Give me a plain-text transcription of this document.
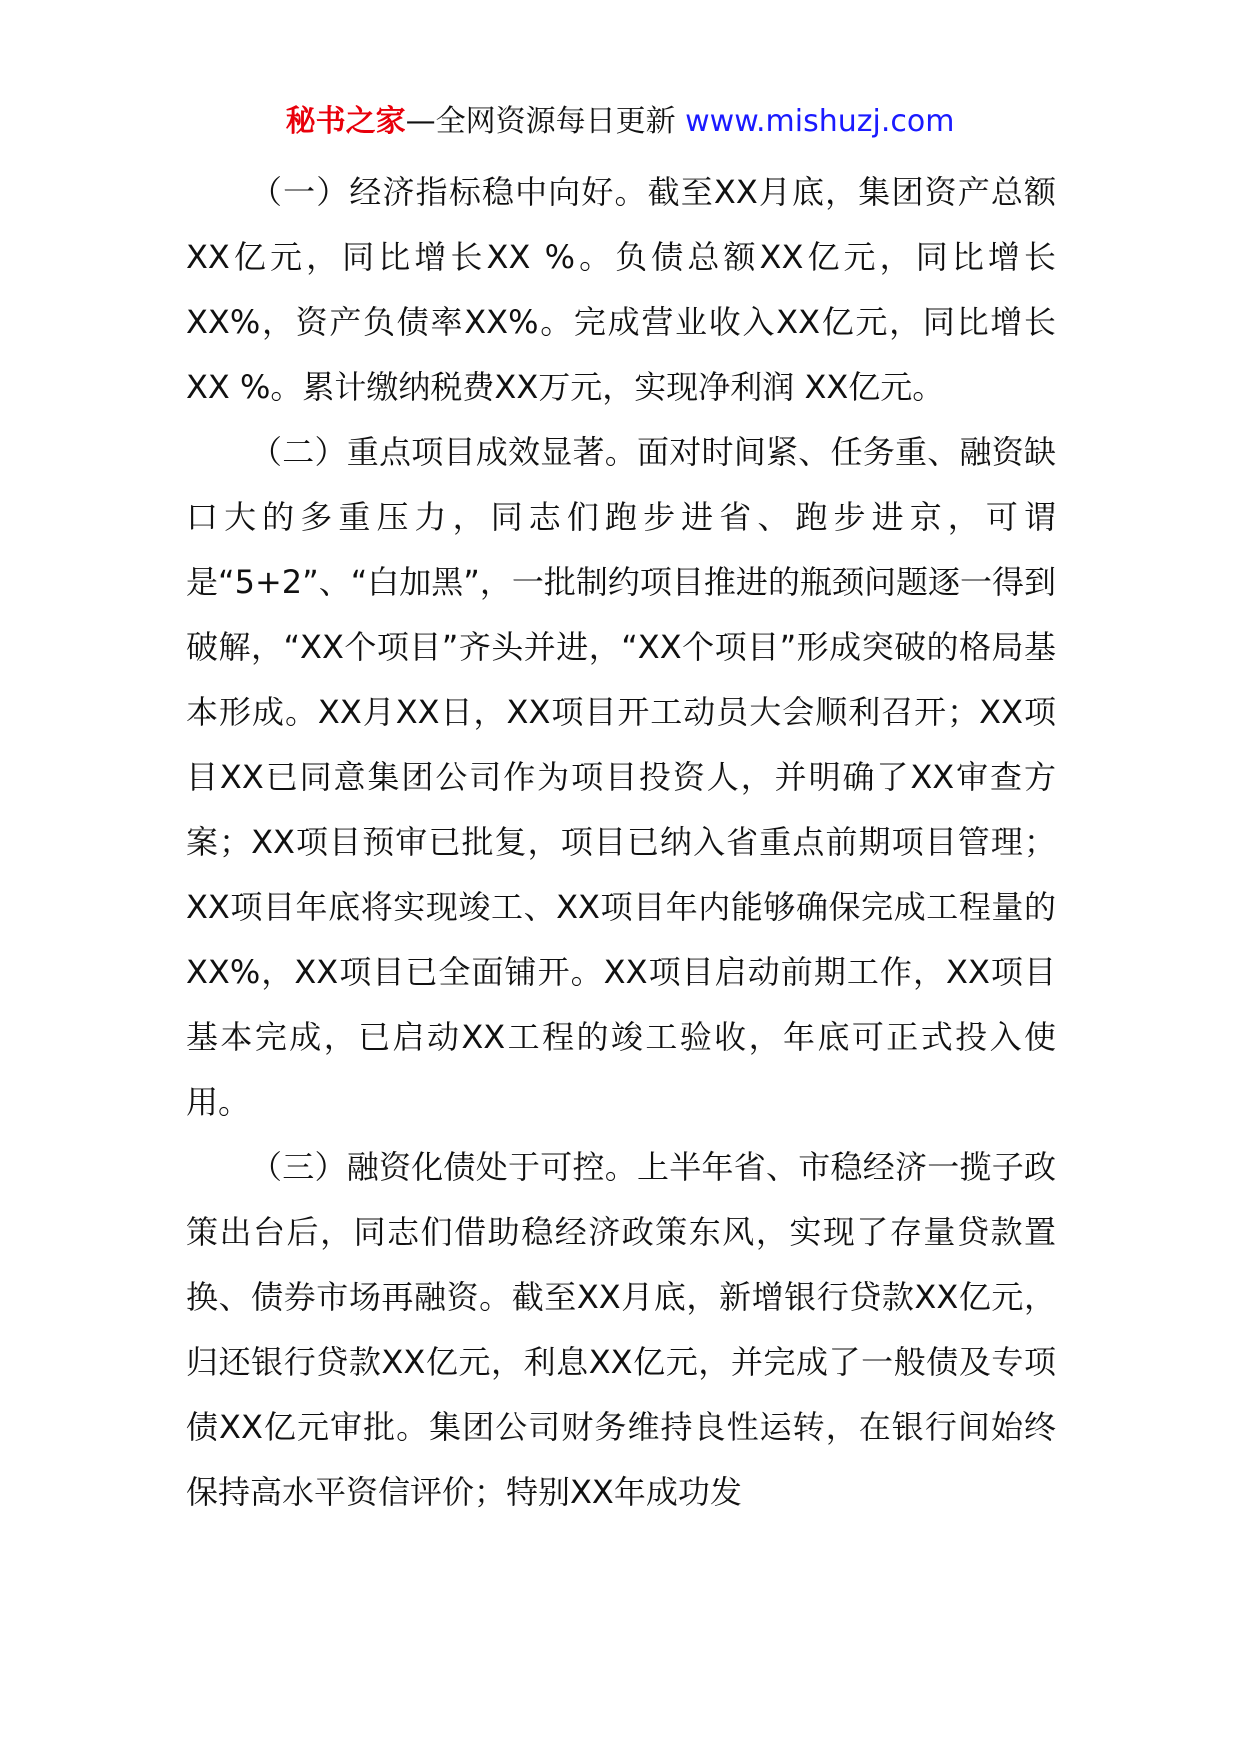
秘书之家—全网资源每日更新 www.mishuzj.com

（一）经济指标稳中向好。截至XX月底，集团资产总额XX亿元，同比增长XX %。负债总额XX亿元，同比增长XX%，资产负债率XX%。完成营业收入XX亿元，同比增长XX %。累计缴纳税费XX万元，实现净利润 XX亿元。

（二）重点项目成效显著。面对时间紧、任务重、融资缺口大的多重压力，同志们跑步进省、跑步进京，可谓是“5+2”、“白加黑”，一批制约项目推进的瓶颈问题逐一得到破解，“XX个项目”齐头并进，“XX个项目”形成突破的格局基本形成。XX月XX日，XX项目开工动员大会顺利召开；XX项目XX已同意集团公司作为项目投资人，并明确了XX审查方案；XX项目预审已批复，项目已纳入省重点前期项目管理；XX项目年底将实现竣工、XX项目年内能够确保完成工程量的XX%，XX项目已全面铺开。XX项目启动前期工作，XX项目基本完成，已启动XX工程的竣工验收，年底可正式投入使用。

（三）融资化债处于可控。上半年省、市稳经济一揽子政策出台后，同志们借助稳经济政策东风，实现了存量贷款置换、债券市场再融资。截至XX月底，新增银行贷款XX亿元，归还银行贷款XX亿元，利息XX亿元，并完成了一般债及专项债XX亿元审批。集团公司财务维持良性运转，在银行间始终保持高水平资信评价；特别XX年成功发
